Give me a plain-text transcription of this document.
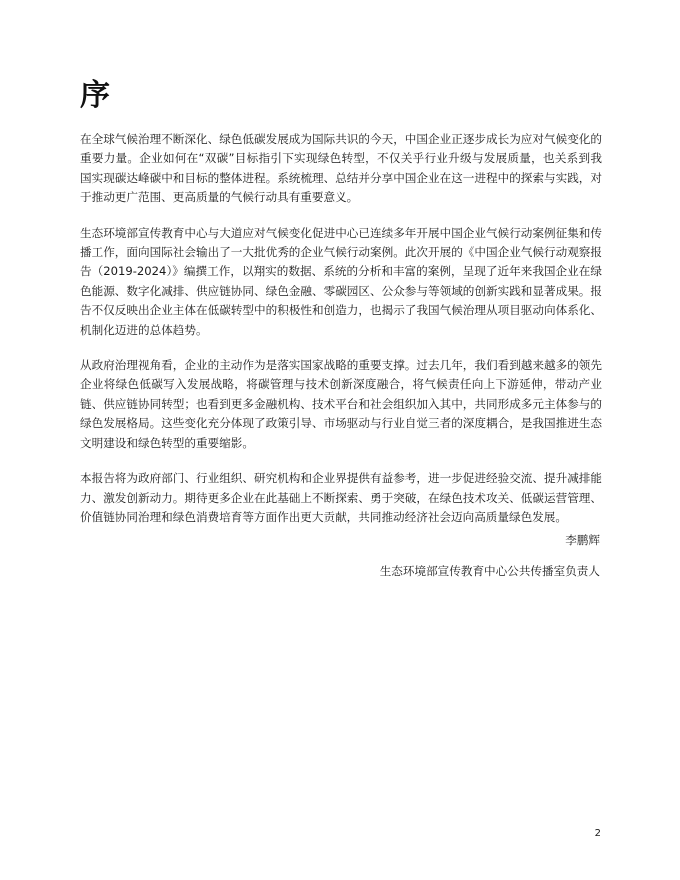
序

在全球气候治理不断深化、绿色低碳发展成为国际共识的今天，中国企业正逐步成长为应对气候变化的重要力量。企业如何在“双碳”目标指引下实现绿色转型，不仅关乎行业升级与发展质量，也关系到我国实现碳达峰碳中和目标的整体进程。系统梳理、总结并分享中国企业在这一进程中的探索与实践，对于推动更广范围、更高质量的气候行动具有重要意义。

生态环境部宣传教育中心与大道应对气候变化促进中心已连续多年开展中国企业气候行动案例征集和传播工作，面向国际社会输出了一大批优秀的企业气候行动案例。此次开展的《中国企业气候行动观察报告（2019-2024）》编撰工作，以翔实的数据、系统的分析和丰富的案例，呈现了近年来我国企业在绿色能源、数字化减排、供应链协同、绿色金融、零碳园区、公众参与等领域的创新实践和显著成果。报告不仅反映出企业主体在低碳转型中的积极性和创造力，也揭示了我国气候治理从项目驱动向体系化、机制化迈进的总体趋势。

从政府治理视角看，企业的主动作为是落实国家战略的重要支撑。过去几年，我们看到越来越多的领先企业将绿色低碳写入发展战略，将碳管理与技术创新深度融合，将气候责任向上下游延伸，带动产业链、供应链协同转型；也看到更多金融机构、技术平台和社会组织加入其中，共同形成多元主体参与的绿色发展格局。这些变化充分体现了政策引导、市场驱动与行业自觉三者的深度耦合，是我国推进生态文明建设和绿色转型的重要缩影。

本报告将为政府部门、行业组织、研究机构和企业界提供有益参考，进一步促进经验交流、提升减排能力、激发创新动力。期待更多企业在此基础上不断探索、勇于突破，在绿色技术攻关、低碳运营管理、价值链协同治理和绿色消费培育等方面作出更大贡献，共同推动经济社会迈向高质量绿色发展。

李鹏辉
生态环境部宣传教育中心公共传播室负责人
2
